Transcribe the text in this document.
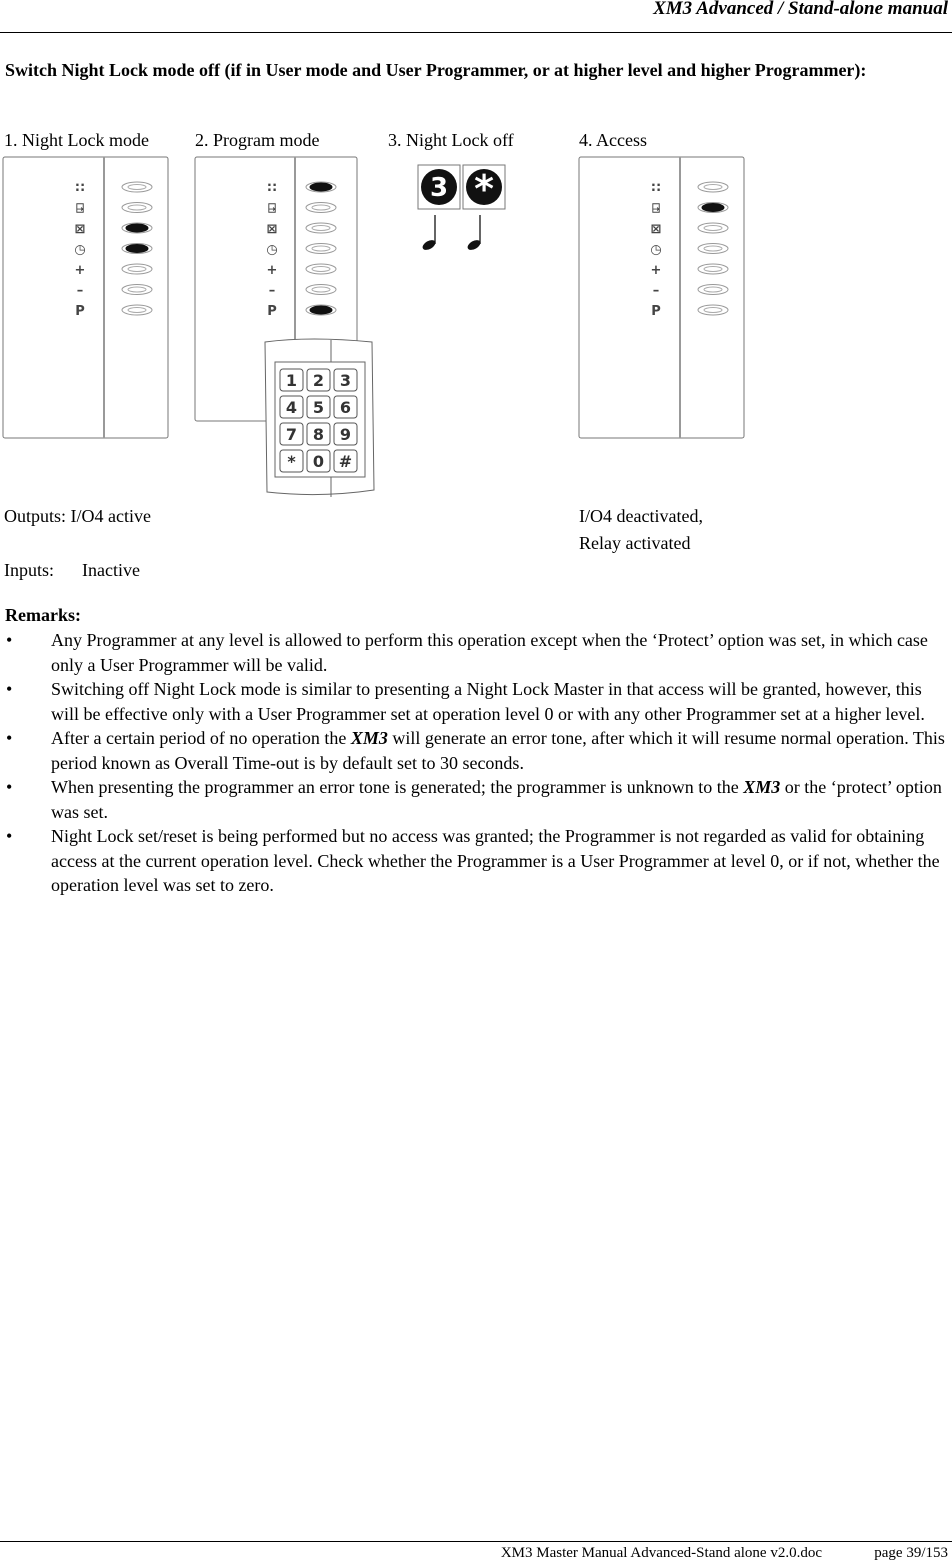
XM3 Advanced / Stand-alone manual
Switch Night Lock mode off (if in User mode and User Programmer, or at higher level and higher Programmer):
1. Night Lock mode	2. Program mode	3. Night Lock off	4. Access
∷
⍈
⊠
◷
+
–
P
∷
⍈
⊠
◷
+
–
P
1 2 3
4 5 6
7 8 9
* 0 #
3 *	∷
⍈
⊠
◷
+
–
P
Outputs: I/O4 active	I/O4 deactivated,
Relay activated
Inputs: Inactive
Remarks:
• Any Programmer at any level is allowed to perform this operation except when the ‘Protect’ option was set, in which case only a User Programmer will be valid.
• Switching off Night Lock mode is similar to presenting a Night Lock Master in that access will be granted, however, this will be effective only with a User Programmer set at operation level 0 or with any other Programmer set at a higher level.
• After a certain period of no operation the XM3 will generate an error tone, after which it will resume normal operation. This period known as Overall Time-out is by default set to 30 seconds.
• When presenting the programmer an error tone is generated; the programmer is unknown to the XM3 or the ‘protect’ option was set.
• Night Lock set/reset is being performed but no access was granted; the Programmer is not regarded as valid for obtaining access at the current operation level. Check whether the Programmer is a User Programmer at level 0, or if not, whether the operation level was set to zero.
XM3 Master Manual Advanced-Stand alone v2.0.doc	page 39/153
